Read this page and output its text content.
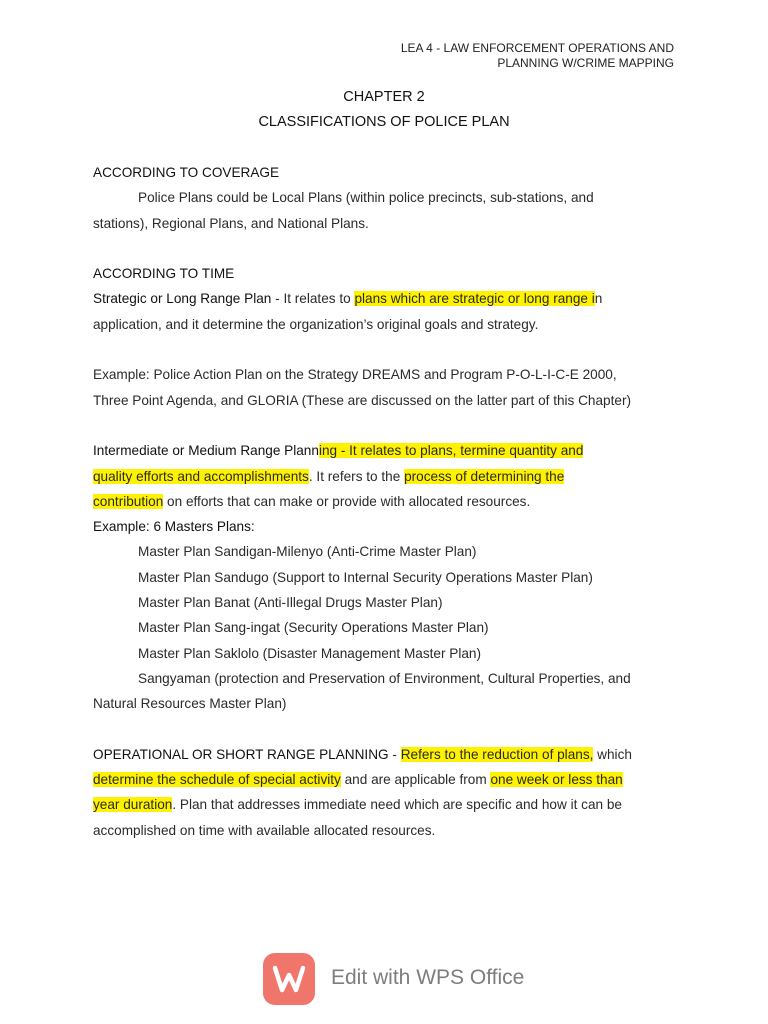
LEA 4 - LAW ENFORCEMENT OPERATIONS AND
PLANNING W/CRIME MAPPING
CHAPTER 2
CLASSIFICATIONS OF POLICE PLAN

ACCORDING TO COVERAGE

Police Plans could be Local Plans (within police precincts, sub-stations, and

stations), Regional Plans, and National Plans.

ACCORDING TO TIME

Strategic or Long Range Plan - It relates to plans which are strategic or long range in

application, and it determine the organization’s original goals and strategy.

Example: Police Action Plan on the Strategy DREAMS and Program P-O-L-I-C-E 2000,

Three Point Agenda, and GLORIA (These are discussed on the latter part of this Chapter)

Intermediate or Medium Range Planning - It relates to plans, termine quantity and

quality efforts and accomplishments. It refers to the process of determining the

contribution on efforts that can make or provide with allocated resources.

Example: 6 Masters Plans:

Master Plan Sandigan-Milenyo (Anti-Crime Master Plan)

Master Plan Sandugo (Support to Internal Security Operations Master Plan)

Master Plan Banat (Anti-Illegal Drugs Master Plan)

Master Plan Sang-ingat (Security Operations Master Plan)

Master Plan Saklolo (Disaster Management Master Plan)

Sangyaman (protection and Preservation of Environment, Cultural Properties, and

Natural Resources Master Plan)

OPERATIONAL OR SHORT RANGE PLANNING - Refers to the reduction of plans, which

determine the schedule of special activity and are applicable from one week or less than

year duration. Plan that addresses immediate need which are specific and how it can be

accomplished on time with available allocated resources.

Edit with WPS Office
